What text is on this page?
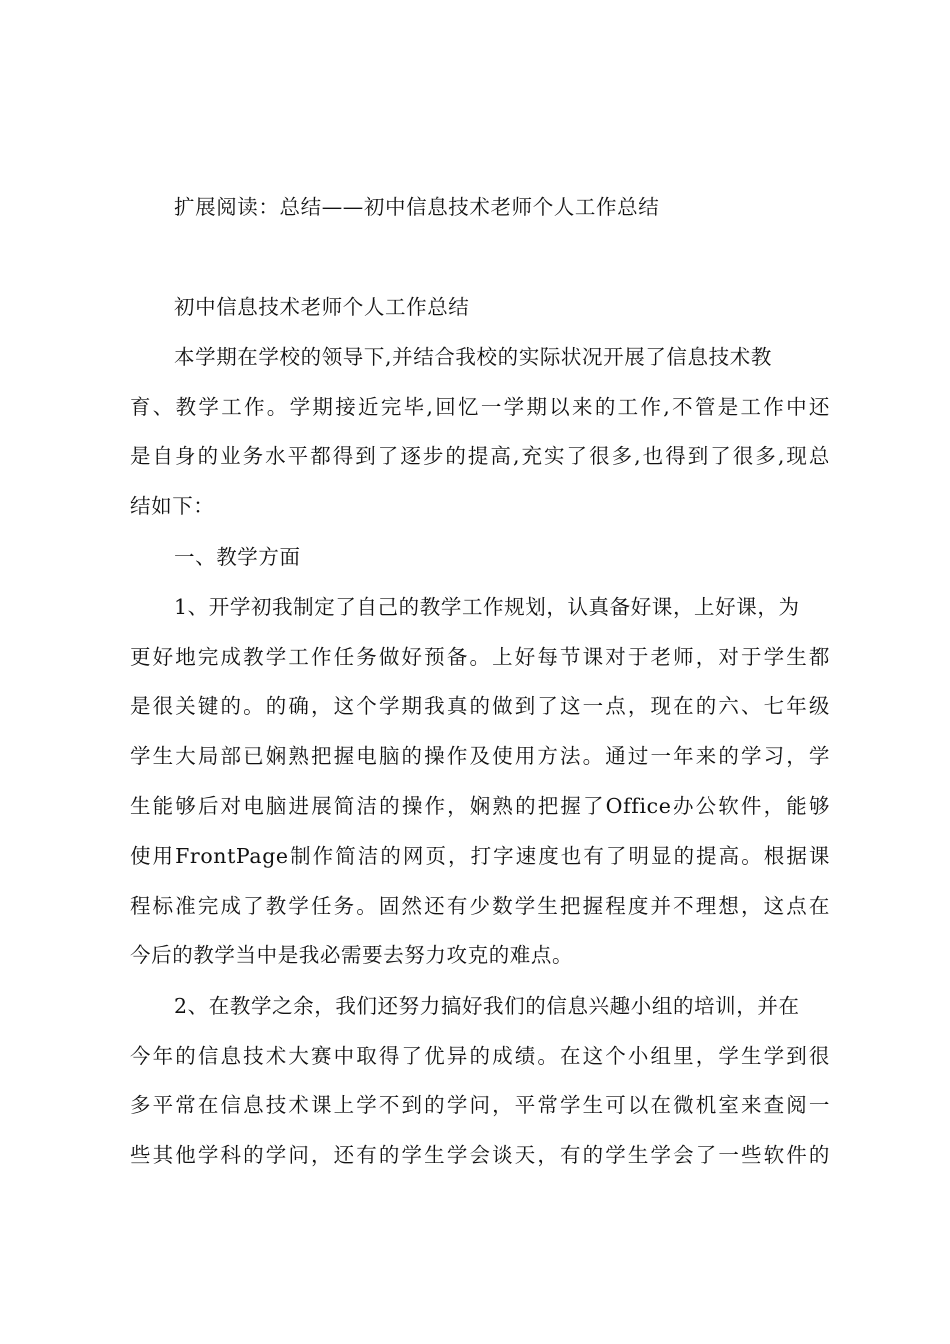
扩展阅读：总结——初中信息技术老师个人工作总结
初中信息技术老师个人工作总结
本学期在学校的领导下,并结合我校的实际状况开展了信息技术教
育、教学工作。学期接近完毕,回忆一学期以来的工作,不管是工作中还
是自身的业务水平都得到了逐步的提高,充实了很多,也得到了很多,现总
结如下：
一、教学方面
1、开学初我制定了自己的教学工作规划，认真备好课，上好课，为
更好地完成教学工作任务做好预备。上好每节课对于老师，对于学生都
是很关键的。的确，这个学期我真的做到了这一点，现在的六、七年级
学生大局部已娴熟把握电脑的操作及使用方法。通过一年来的学习，学
生能够后对电脑进展简洁的操作，娴熟的把握了Office办公软件，能够
使用FrontPage制作简洁的网页，打字速度也有了明显的提高。根据课
程标准完成了教学任务。固然还有少数学生把握程度并不理想，这点在
今后的教学当中是我必需要去努力攻克的难点。
2、在教学之余，我们还努力搞好我们的信息兴趣小组的培训，并在
今年的信息技术大赛中取得了优异的成绩。在这个小组里，学生学到很
多平常在信息技术课上学不到的学问，平常学生可以在微机室来查阅一
些其他学科的学问，还有的学生学会谈天，有的学生学会了一些软件的
